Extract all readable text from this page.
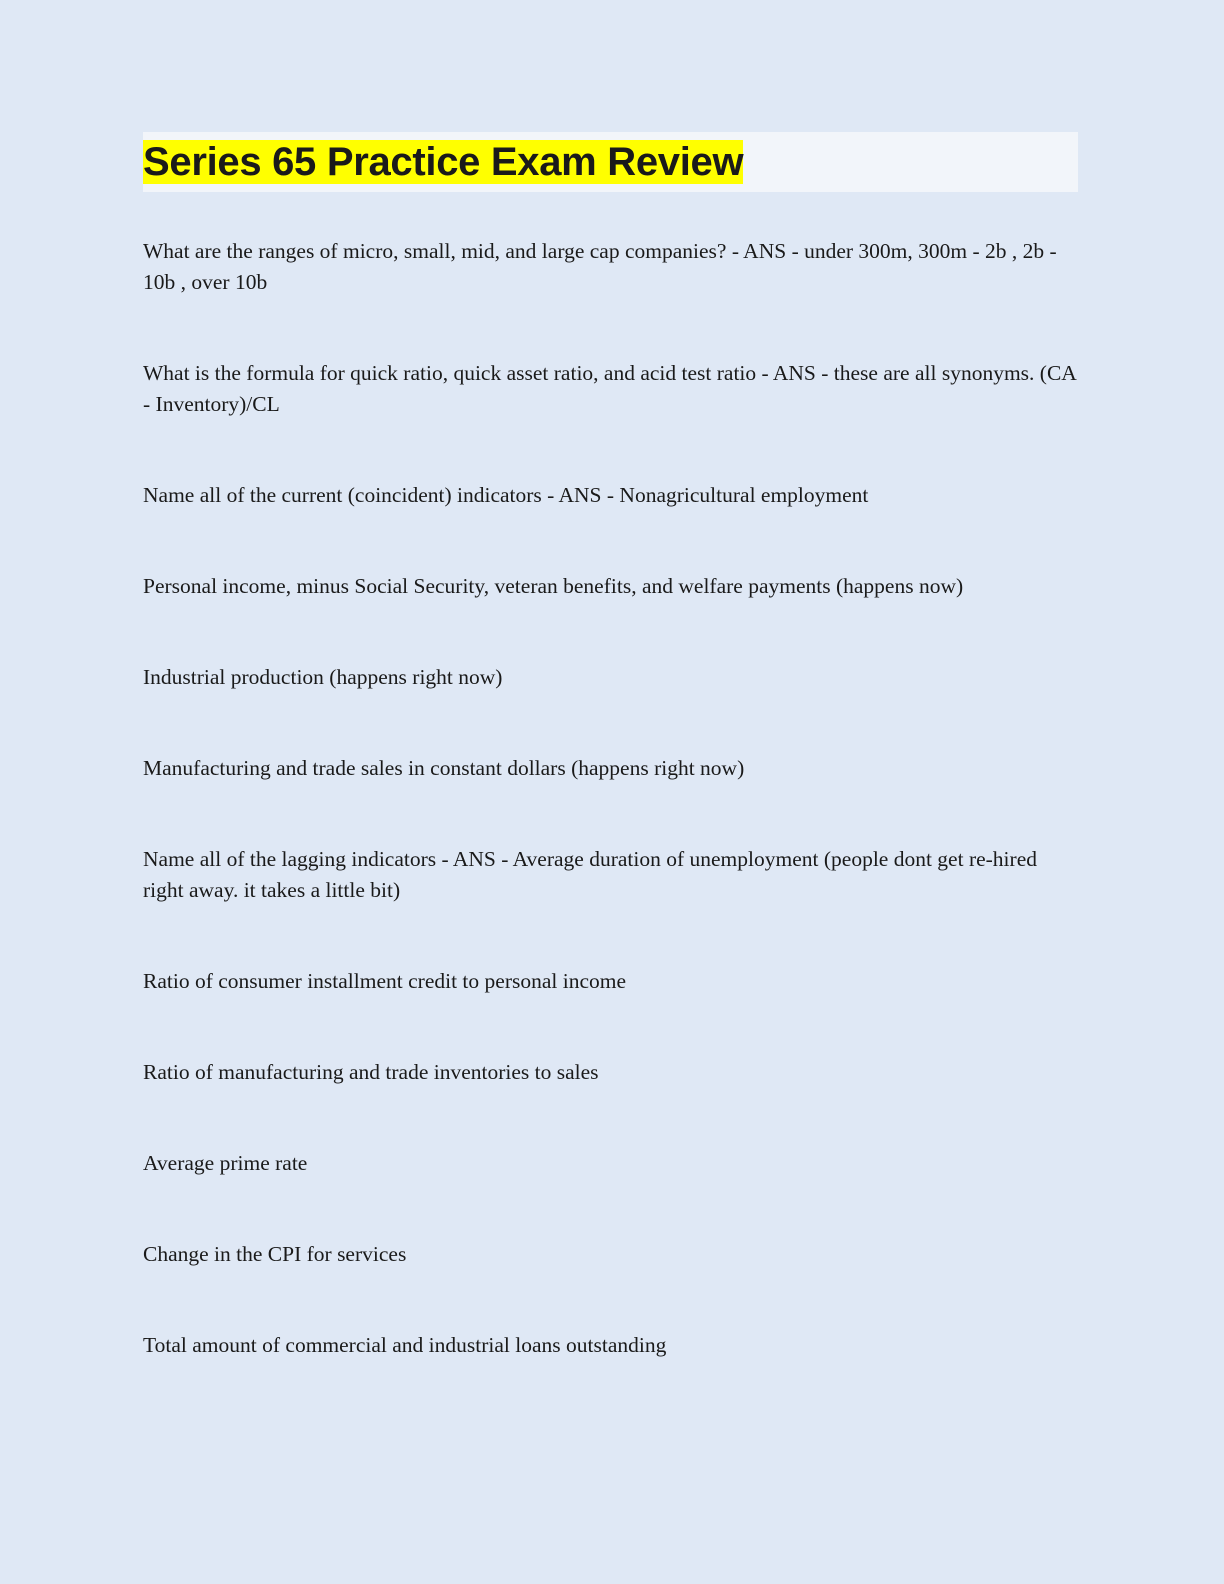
Series 65 Practice Exam Review

What are the ranges of micro, small, mid, and large cap companies? - ANS - under 300m, 300m - 2b , 2b - 10b , over 10b

What is the formula for quick ratio, quick asset ratio, and acid test ratio - ANS - these are all synonyms. (CA - Inventory)/CL

Name all of the current (coincident) indicators - ANS - Nonagricultural employment

Personal income, minus Social Security, veteran benefits, and welfare payments (happens now)

Industrial production (happens right now)

Manufacturing and trade sales in constant dollars (happens right now)

Name all of the lagging indicators - ANS - Average duration of unemployment (people dont get re-hired right away. it takes a little bit)

Ratio of consumer installment credit to personal income

Ratio of manufacturing and trade inventories to sales

Average prime rate

Change in the CPI for services

Total amount of commercial and industrial loans outstanding
